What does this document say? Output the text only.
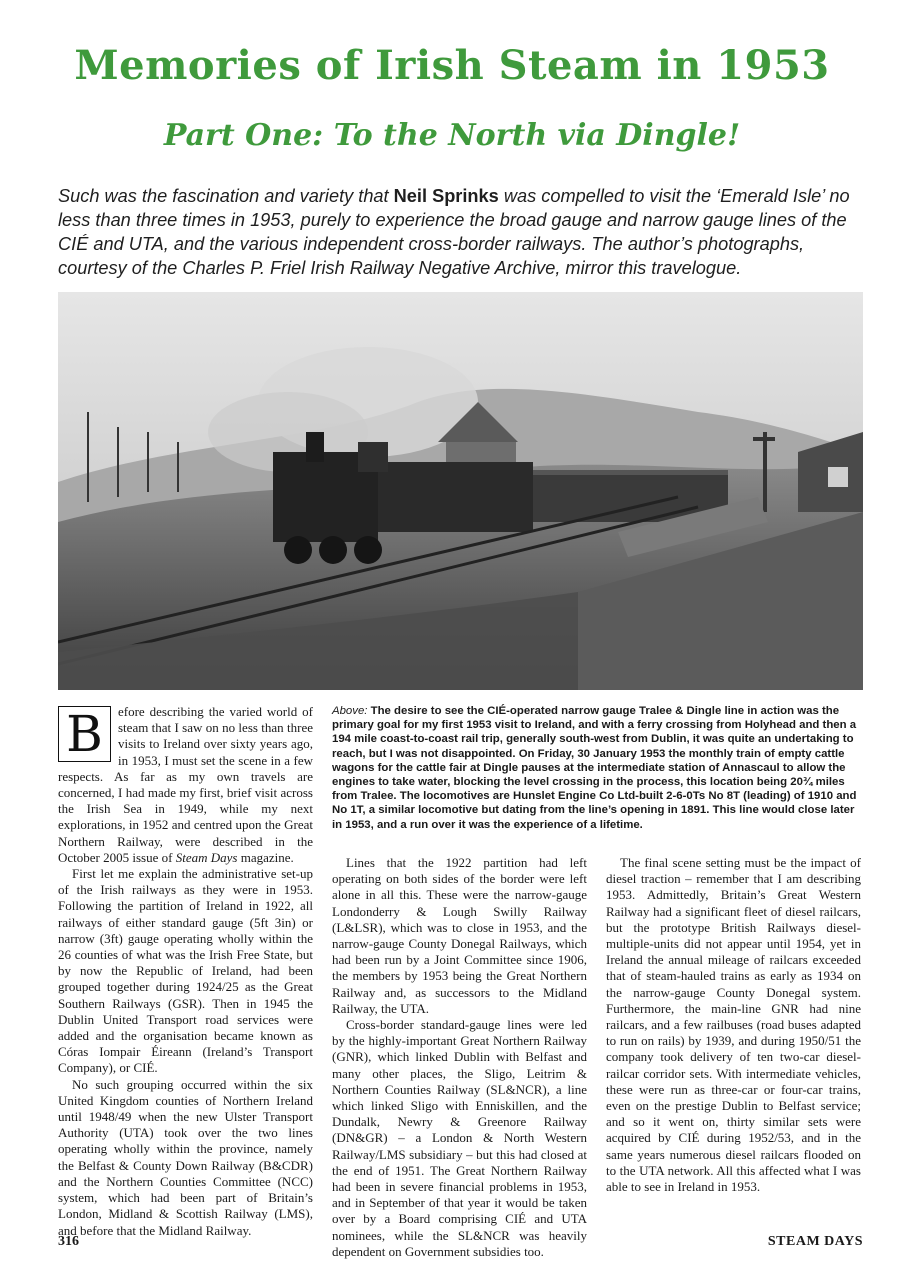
Memories of Irish Steam in 1953
Part One: To the North via Dingle!

Such was the fascination and variety that Neil Sprinks was compelled to visit the ‘Emerald Isle’ no less than three times in 1953, purely to experience the broad gauge and narrow gauge lines of the CIÉ and UTA, and the various independent cross-border railways. The author’s photographs, courtesy of the Charles P. Friel Irish Railway Negative Archive, mirror this travelogue.

B	efore describing the varied world of steam that I saw on no less than three visits to Ireland over sixty years ago, in 1953, I must set the scene in a few respects. As far as my own travels are concerned, I had made my first, brief visit across the Irish Sea in 1949, while my next explorations, in 1952 and centred upon the Great Northern Railway, were described in the October 2005 issue of Steam Days magazine.

First let me explain the administrative set-up of the Irish railways as they were in 1953. Following the partition of Ireland in 1922, all railways of either standard gauge (5ft 3in) or narrow (3ft) gauge operating wholly within the 26 counties of what was the Irish Free State, but by now the Republic of Ireland, had been grouped together during 1924/25 as the Great Southern Railways (GSR). Then in 1945 the Dublin United Transport road services were added and the organisation became known as Córas Iompair Éireann (Ireland’s Transport Company), or CIÉ.

No such grouping occurred within the six United Kingdom counties of Northern Ireland until 1948/49 when the new Ulster Transport Authority (UTA) took over the two lines operating wholly within the province, namely the Belfast & County Down Railway (B&CDR) and the Northern Counties Committee (NCC) system, which had been part of Britain’s London, Midland & Scottish Railway (LMS), and before that the Midland Railway.

Above: The desire to see the CIÉ-operated narrow gauge Tralee & Dingle line in action was the primary goal for my first 1953 visit to Ireland, and with a ferry crossing from Holyhead and then a 194 mile coast-to-coast rail trip, generally south-west from Dublin, it was quite an undertaking to reach, but I was not disappointed. On Friday, 30 January 1953 the monthly train of empty cattle wagons for the cattle fair at Dingle pauses at the intermediate station of Annascaul to allow the engines to take water, blocking the level crossing in the process, this location being 20¾ miles from Tralee. The locomotives are Hunslet Engine Co Ltd-built 2-6-0Ts No 8T (leading) of 1910 and No 1T, a similar locomotive but dating from the line’s opening in 1891. This line would close later in 1953, and a run over it was the experience of a lifetime.

Lines that the 1922 partition had left operating on both sides of the border were left alone in all this. These were the narrow-gauge Londonderry & Lough Swilly Railway (L&LSR), which was to close in 1953, and the narrow-gauge County Donegal Railways, which had been run by a Joint Committee since 1906, the members by 1953 being the Great Northern Railway and, as successors to the Midland Railway, the UTA.

Cross-border standard-gauge lines were led by the highly-important Great Northern Railway (GNR), which linked Dublin with Belfast and many other places, the Sligo, Leitrim & Northern Counties Railway (SL&NCR), a line which linked Sligo with Enniskillen, and the Dundalk, Newry & Greenore Railway (DN&GR) – a London & North Western Railway/LMS subsidiary – but this had closed at the end of 1951. The Great Northern Railway had been in severe financial problems in 1953, and in September of that year it would be taken over by a Board comprising CIÉ and UTA nominees, while the SL&NCR was heavily dependent on Government subsidies too.

The final scene setting must be the impact of diesel traction – remember that I am describing 1953. Admittedly, Britain’s Great Western Railway had a significant fleet of diesel railcars, but the prototype British Railways diesel-multiple-units did not appear until 1954, yet in Ireland the annual mileage of railcars exceeded that of steam-hauled trains as early as 1934 on the narrow-gauge County Donegal system. Furthermore, the main-line GNR had nine railcars, and a few railbuses (road buses adapted to run on rails) by 1939, and during 1950/51 the company took delivery of ten two-car diesel-railcar corridor sets. With intermediate vehicles, these were run as three-car or four-car trains, even on the prestige Dublin to Belfast service; and so it went on, thirty similar sets were acquired by CIÉ during 1952/53, and in the same years numerous diesel railcars flooded on to the UTA network. All this affected what I was able to see in Ireland in 1953.

316	STEAM DAYS
